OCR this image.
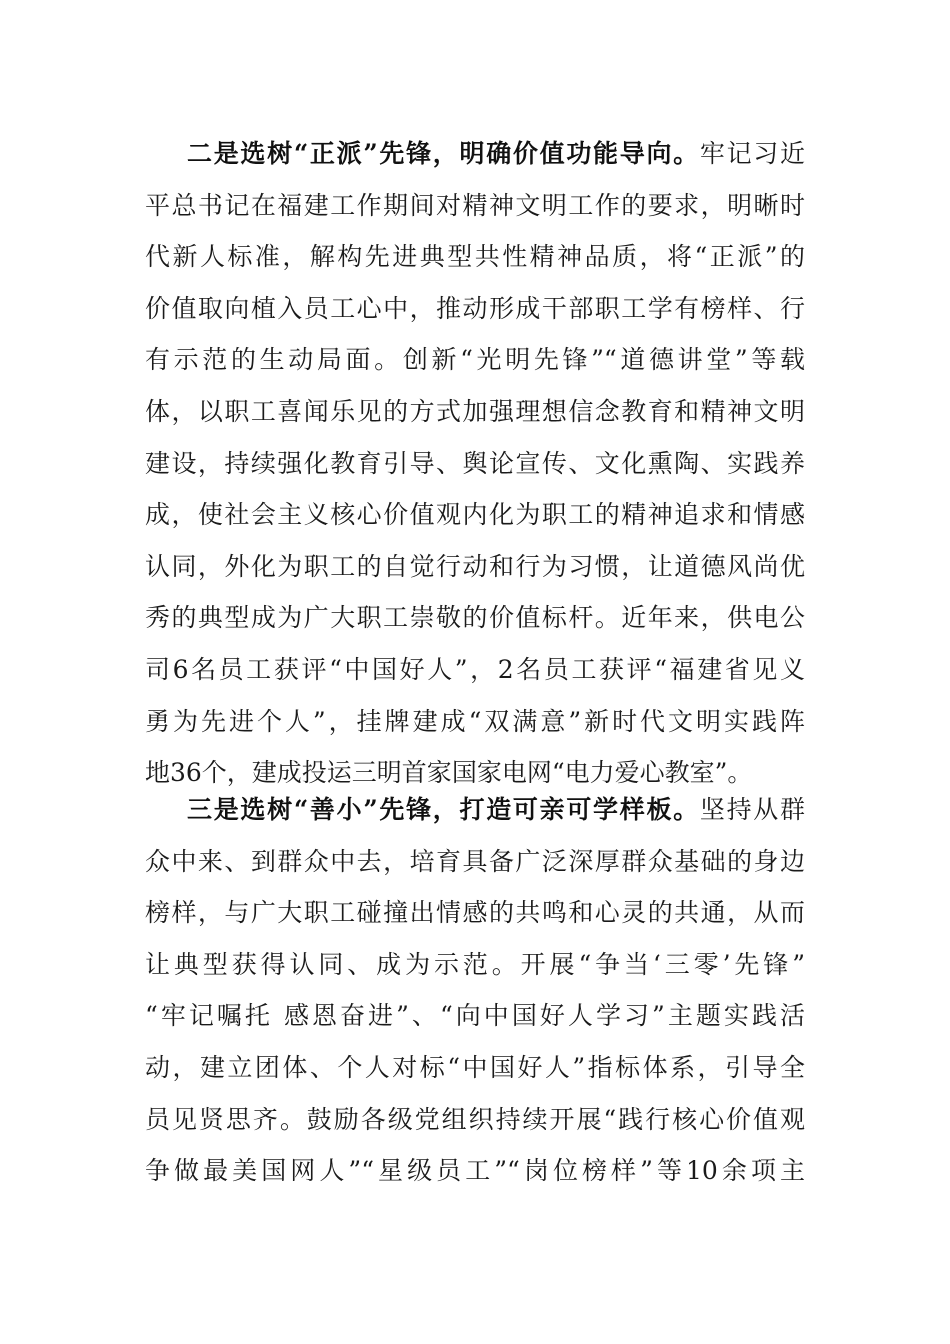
二是选树“正派”先锋，明确价值功能导向。牢记习近
平总书记在福建工作期间对精神文明工作的要求，明晰时
代新人标准，解构先进典型共性精神品质，将“正派”的
价值取向植入员工心中，推动形成干部职工学有榜样、行
有示范的生动局面。创新“光明先锋”“道德讲堂”等载
体，以职工喜闻乐见的方式加强理想信念教育和精神文明
建设，持续强化教育引导、舆论宣传、文化熏陶、实践养
成，使社会主义核心价值观内化为职工的精神追求和情感
认同，外化为职工的自觉行动和行为习惯，让道德风尚优
秀的典型成为广大职工崇敬的价值标杆。近年来，供电公
司6名员工获评“中国好人”，2名员工获评“福建省见义
勇为先进个人”，挂牌建成“双满意”新时代文明实践阵
地36个，建成投运三明首家国家电网“电力爱心教室”。
三是选树“善小”先锋，打造可亲可学样板。坚持从群
众中来、到群众中去，培育具备广泛深厚群众基础的身边
榜样，与广大职工碰撞出情感的共鸣和心灵的共通，从而
让典型获得认同、成为示范。开展“争当‘三零’先锋”
“牢记嘱托 感恩奋进”、“向中国好人学习”主题实践活
动，建立团体、个人对标“中国好人”指标体系，引导全
员见贤思齐。鼓励各级党组织持续开展“践行核心价值观
争做最美国网人”“星级员工”“岗位榜样”等10余项主
